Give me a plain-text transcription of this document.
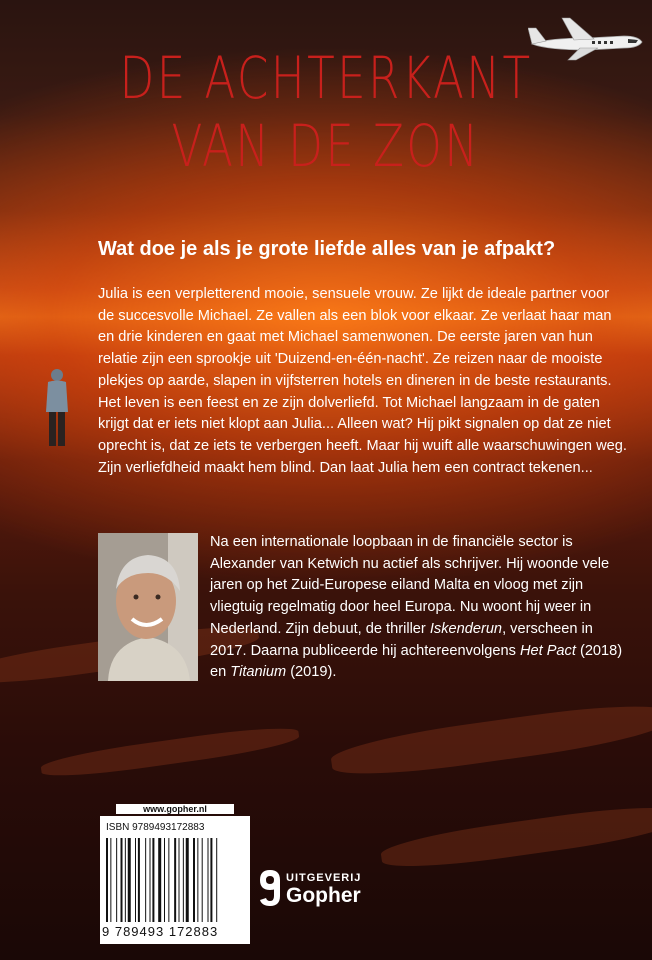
DE ACHTERKANT
VAN DE ZON
Wat doe je als je grote liefde alles van je afpakt?

Julia is een verpletterend mooie, sensuele vrouw. Ze lijkt de ideale partner voor de succesvolle Michael. Ze vallen als een blok voor elkaar. Ze verlaat haar man en drie kinderen en gaat met Michael samenwonen. De eerste jaren van hun relatie zijn een sprookje uit 'Duizend-en-één-nacht'. Ze reizen naar de mooiste plekjes op aarde, slapen in vijfsterren hotels en dineren in de beste restaurants. Het leven is een feest en ze zijn dolverliefd. Tot Michael langzaam in de gaten krijgt dat er iets niet klopt aan Julia... Alleen wat? Hij pikt signalen op dat ze niet oprecht is, dat ze iets te verbergen heeft. Maar hij wuift alle waarschuwingen weg. Zijn verliefdheid maakt hem blind. Dan laat Julia hem een contract tekenen...

Na een internationale loopbaan in de financiële sector is Alexander van Ketwich nu actief als schrijver. Hij woonde vele jaren op het Zuid-Europese eiland Malta en vloog met zijn vliegtuig regelmatig door heel Europa. Nu woont hij weer in Nederland. Zijn debuut, de thriller Iskenderun, verscheen in 2017. Daarna publiceerde hij achtereenvolgens Het Pact (2018) en Titanium (2019).
www.gopher.nl
ISBN 9789493172883
9 789493 172883
UITGEVERIJ
Gopher
